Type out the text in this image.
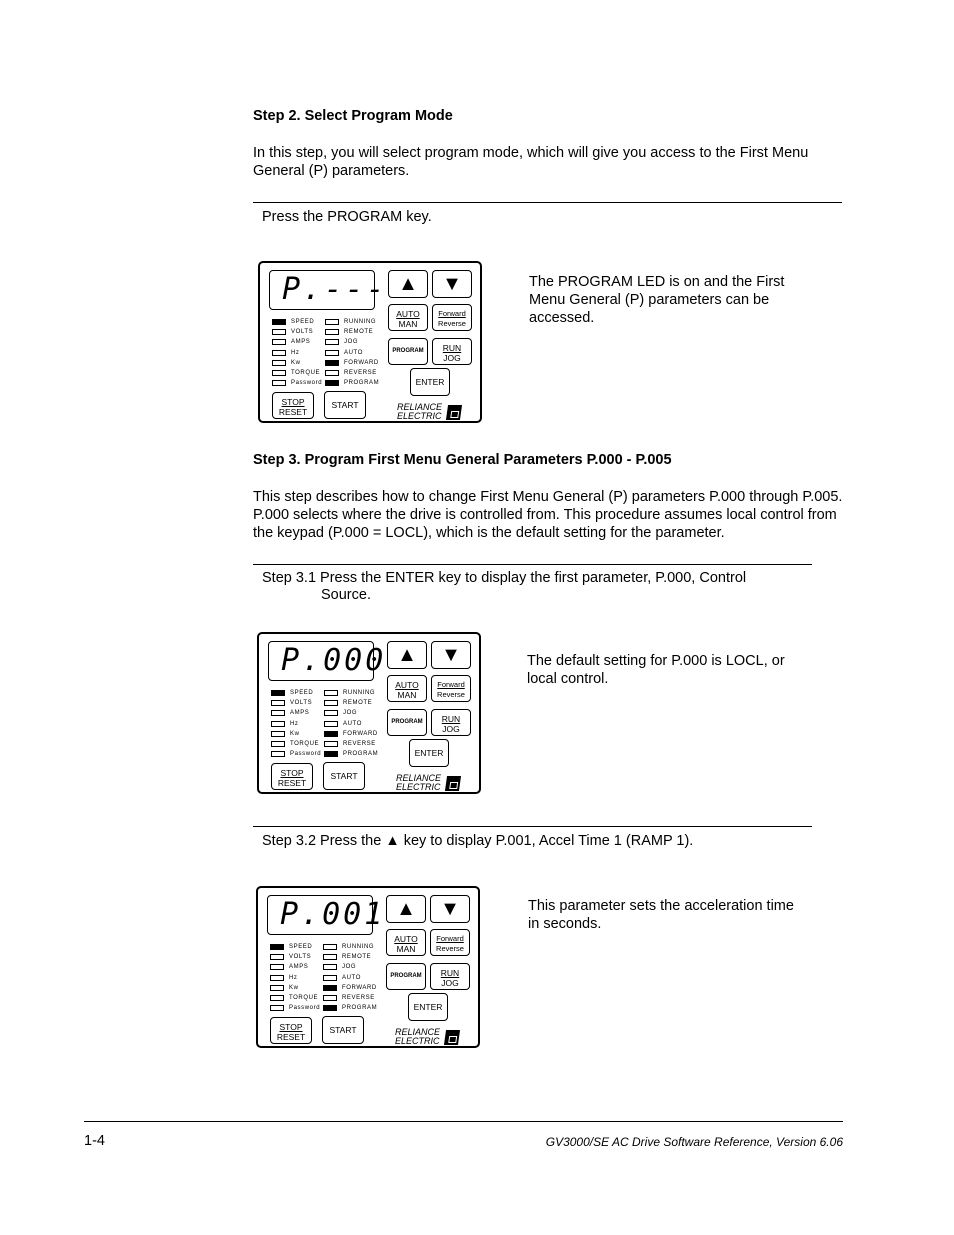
Step 2. Select Program Mode
In this step, you will select program mode, which will give you access to the First Menu General (P) parameters.
Press the PROGRAM key.
The PROGRAM LED is on and the First Menu General (P) parameters can be accessed.
P.--- ▲ ▼
AUTO
MAN
Forward
Reverse
PROGRAM	RUN
JOG
ENTER
STOP
RESET
START	RELIANCE
ELECTRIC
SPEED
VOLTS
AMPS
Hz
Kw
TORQUE
Password
RUNNING
REMOTE
JOG
AUTO
FORWARD
REVERSE
PROGRAM
Step 3. Program First Menu General Parameters P.000 - P.005
This step describes how to change First Menu General (P) parameters P.000 through P.005. P.000 selects where the drive is controlled from. This procedure assumes local control from the keypad (P.000 = LOCL), which is the default setting for the parameter.
Step 3.1 Press the ENTER key to display the first parameter, P.000, Control
Source.
The default setting for P.000 is LOCL, or local control.
P.000 ▲ ▼
AUTO
MAN
Forward
Reverse
PROGRAM	RUN
JOG
ENTER
STOP
RESET
START	RELIANCE
ELECTRIC
SPEED
VOLTS
AMPS
Hz
Kw
TORQUE
Password
RUNNING
REMOTE
JOG
AUTO
FORWARD
REVERSE
PROGRAM
Step 3.2 Press the ▲ key to display P.001, Accel Time 1 (RAMP 1).
This parameter sets the acceleration time in seconds.
P.001 ▲ ▼
AUTO
MAN
Forward
Reverse
PROGRAM	RUN
JOG
ENTER
STOP
RESET
START	RELIANCE
ELECTRIC
SPEED
VOLTS
AMPS
Hz
Kw
TORQUE
Password
RUNNING
REMOTE
JOG
AUTO
FORWARD
REVERSE
PROGRAM
1-4	GV3000/SE AC Drive Software Reference, Version 6.06
